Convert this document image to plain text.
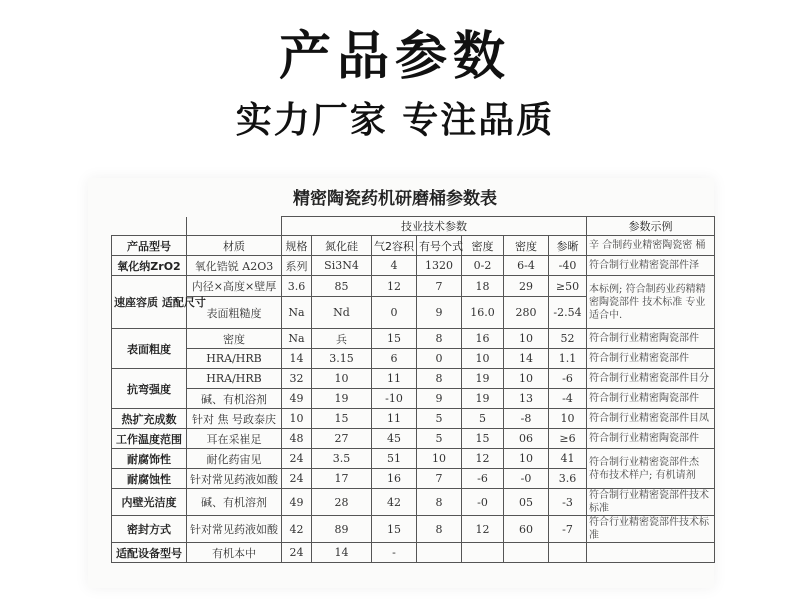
产品参数
实力厂家 专注品质
精密陶瓷药机研磨桶参数表
		技业技术参数							参数示例
产品型号	材质	规格	氮化硅	气2容积	有号个式	密度	密度	参晰	辛 合制药业精密陶瓷密 桶
氧化纳ZrO2	氧化锆锐 A2O3	系列	Si3N4	4	1320	0-2	6-4	-40	符合制行业精密瓷部件泽
速座容质 适配尺寸	内径×高度×壁厚	3.6	85	12	7	18	29	≥50	本标例; 符合制药业药精精密陶瓷部件 技术标准 专业适合中.
	表面粗糙度	Na	Nd	0	9	16.0	280	-2.54	
表面粗度	密度	Na	兵	15	8	16	10	52	符合制行业精密陶瓷部件
	HRA/HRB	14	3.15	6	0	10	14	1.1	符合制行业精密瓷部件
抗弯强度	HRA/HRB	32	10	11	8	19	10	-6	符合制行业精密瓷部件目分
	碱、有机浴剂	49	19	-10	9	19	13	-4	符合制行业精密陶瓷部件
热扩充成数	针对 焦 号政泰庆	10	15	11	5	5	-8	10	符合制行业精密瓷部件目凤
工作温度范围	耳在采崔足	48	27	45	5	15	06	≥6	符合制行业精密陶瓷部件
耐腐饰性	耐化药宙见	24	3.5	51	10	12	10	41	符合制行业精密瓷部件杰 苻布技术样户; 有机请剂
耐腐蚀性	针对常见药液如酸	24	17	16	7	-6	-0	3.6	
内壁光洁度	碱、有机溶剂	49	28	42	8	-0	05	-3	符合制行业精密瓷部件技术标准
密封方式	针对常见药液如酸	42	89	15	8	12	60	-7	符合行业精密瓷部件技术标准
适配设备型号	有机本中	24	14	-					
